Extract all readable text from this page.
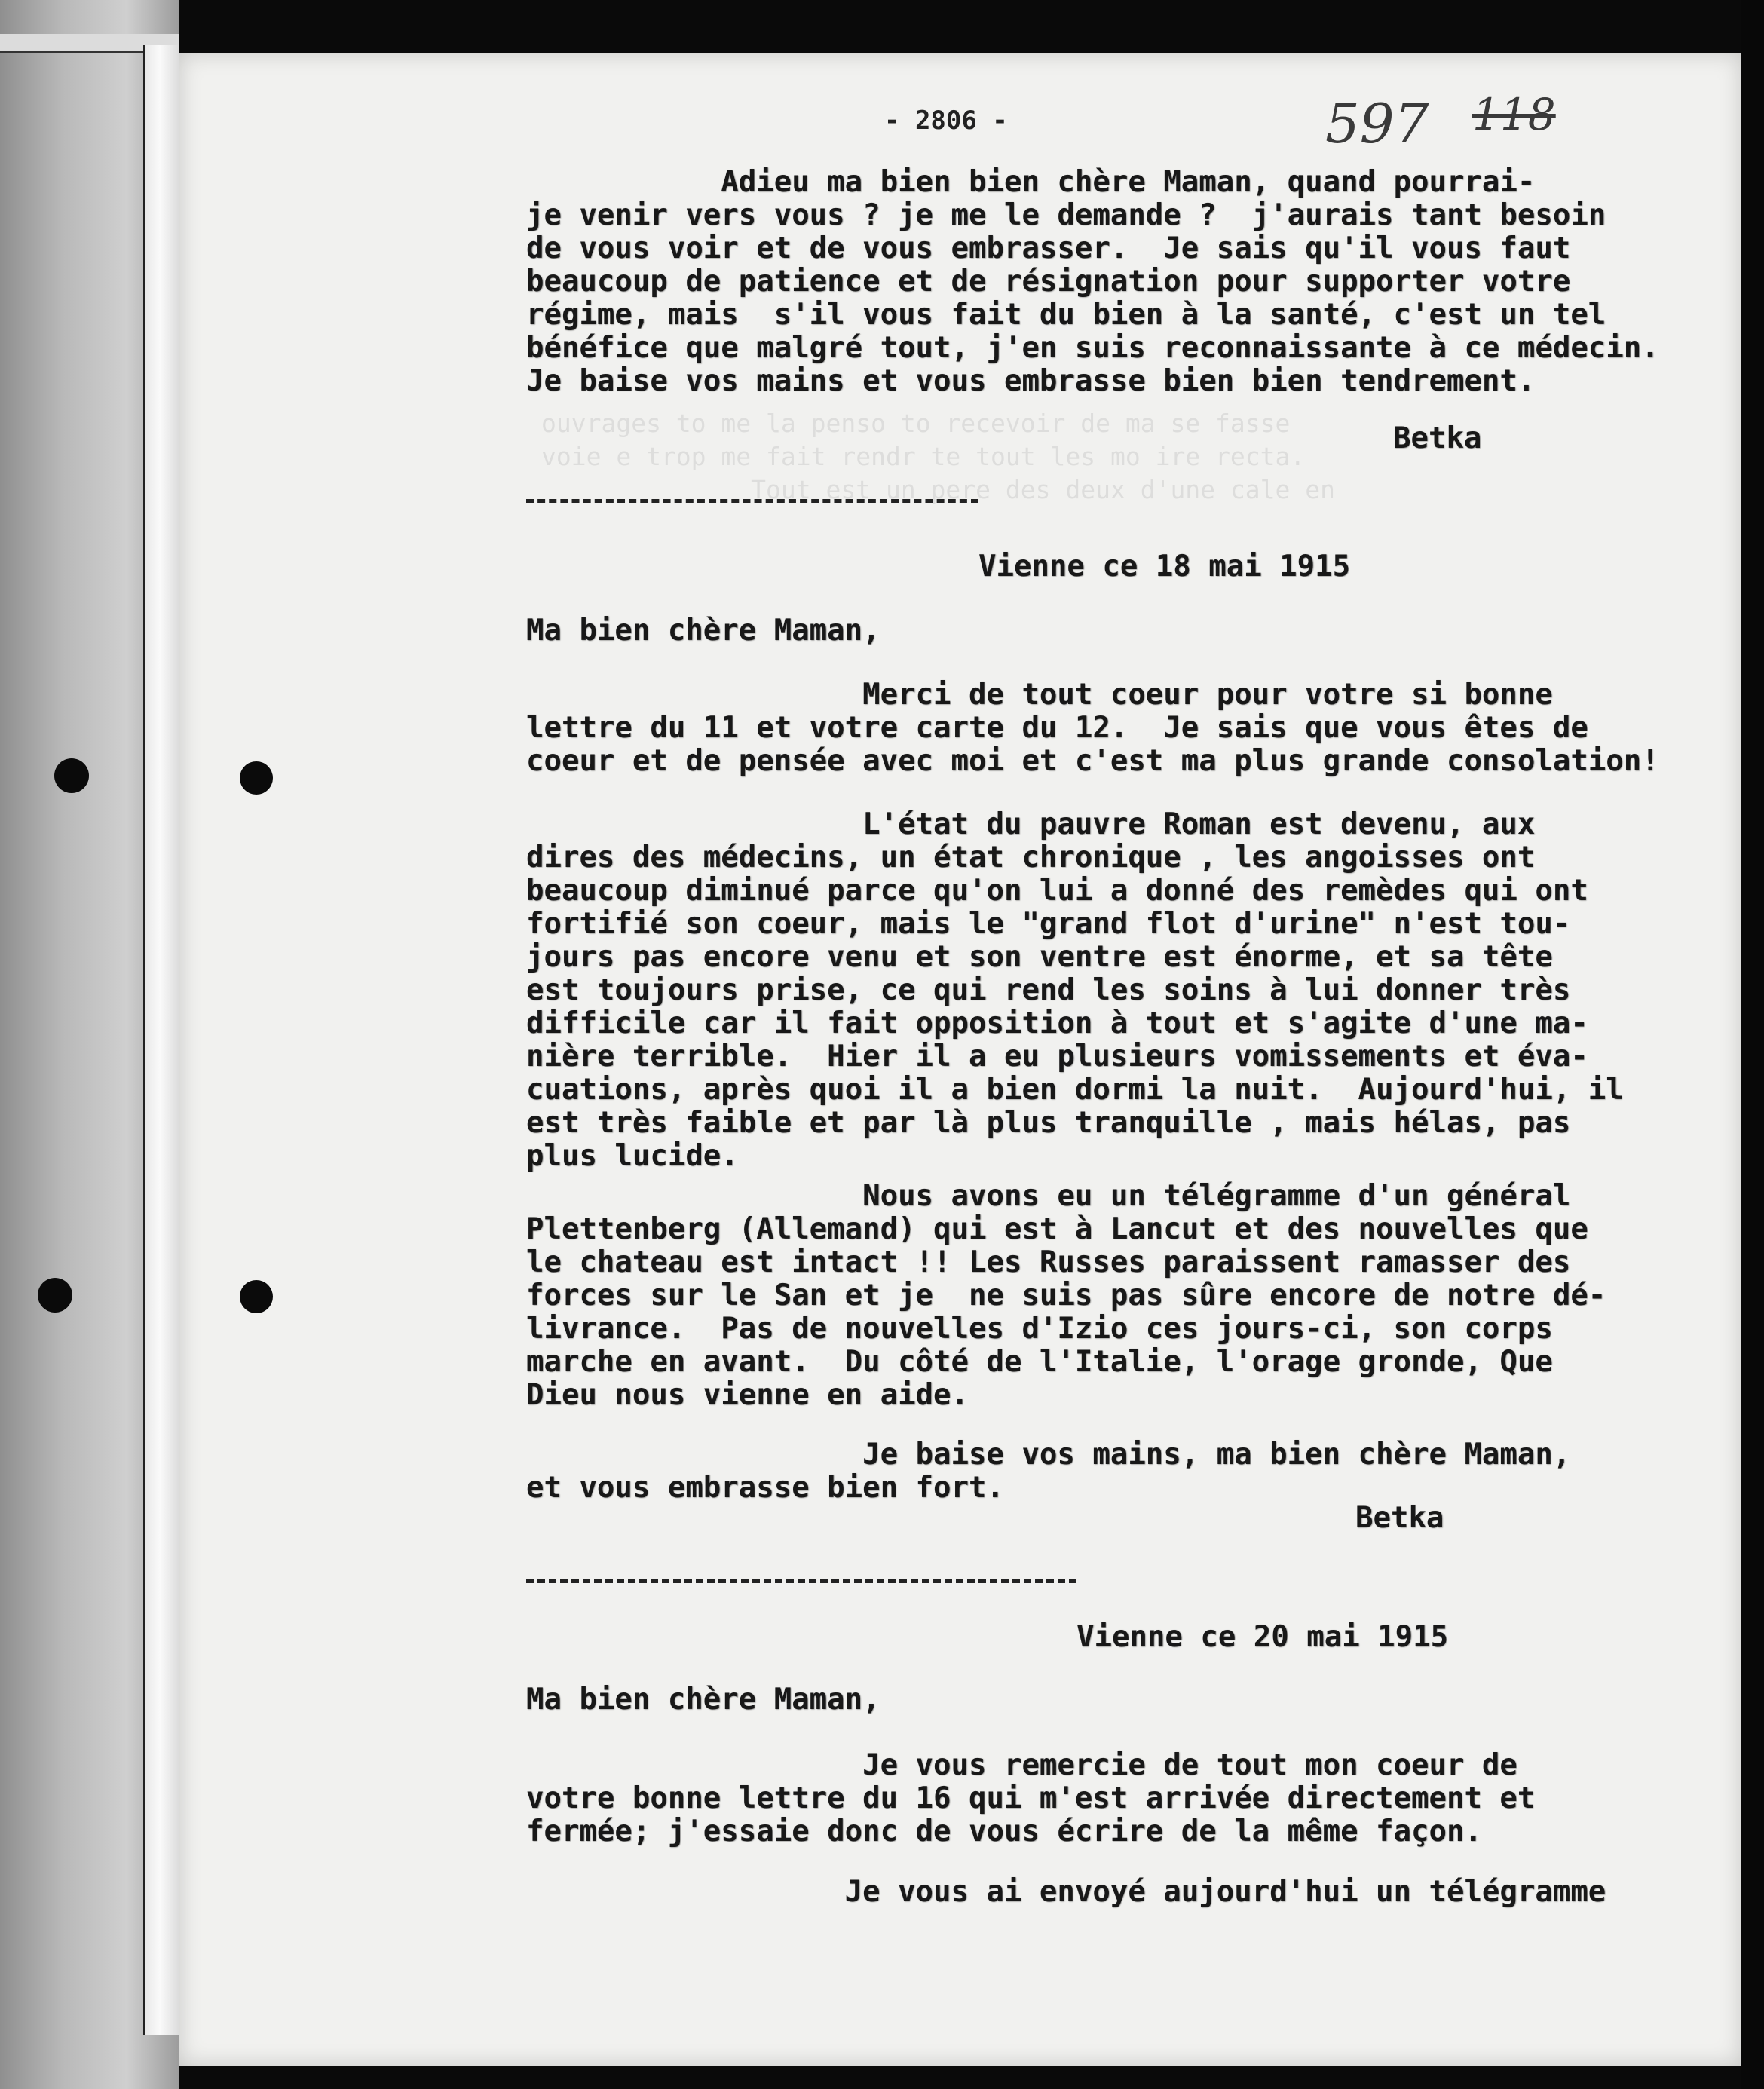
ouvrages to me la penso to recevoir de ma se fasse
voie e trop me fait rendr te tout les mo ire recta.
Tout est un pere des deux d'une cale en

- 2806 -	597 118
Adieu ma bien bien chère Maman, quand pourrai-
je venir vers vous ? je me le demande ?  j'aurais tant besoin
de vous voir et de vous embrasser.  Je sais qu'il vous faut
beaucoup de patience et de résignation pour supporter votre
régime, mais  s'il vous fait du bien à la santé, c'est un tel
bénéfice que malgré tout, j'en suis reconnaissante à ce médecin.
Je baise vos mains et vous embrasse bien bien tendrement.
Betka
Vienne ce 18 mai 1915
Ma bien chère Maman,
Merci de tout coeur pour votre si bonne
lettre du 11 et votre carte du 12.  Je sais que vous êtes de
coeur et de pensée avec moi et c'est ma plus grande consolation!
L'état du pauvre Roman est devenu, aux
dires des médecins, un état chronique , les angoisses ont
beaucoup diminué parce qu'on lui a donné des remèdes qui ont
fortifié son coeur, mais le "grand flot d'urine" n'est tou-
jours pas encore venu et son ventre est énorme, et sa tête
est toujours prise, ce qui rend les soins à lui donner très
difficile car il fait opposition à tout et s'agite d'une ma-
nière terrible.  Hier il a eu plusieurs vomissements et éva-
cuations, après quoi il a bien dormi la nuit.  Aujourd'hui, il
est très faible et par là plus tranquille , mais hélas, pas
plus lucide.
Nous avons eu un télégramme d'un général
Plettenberg (Allemand) qui est à Lancut et des nouvelles que
le chateau est intact !! Les Russes paraissent ramasser des
forces sur le San et je  ne suis pas sûre encore de notre dé-
livrance.  Pas de nouvelles d'Izio ces jours-ci, son corps
marche en avant.  Du côté de l'Italie, l'orage gronde, Que
Dieu nous vienne en aide.
Je baise vos mains, ma bien chère Maman,
et vous embrasse bien fort.
Betka
Vienne ce 20 mai 1915
Ma bien chère Maman,
Je vous remercie de tout mon coeur de
votre bonne lettre du 16 qui m'est arrivée directement et
fermée; j'essaie donc de vous écrire de la même façon.
Je vous ai envoyé aujourd'hui un télégramme
